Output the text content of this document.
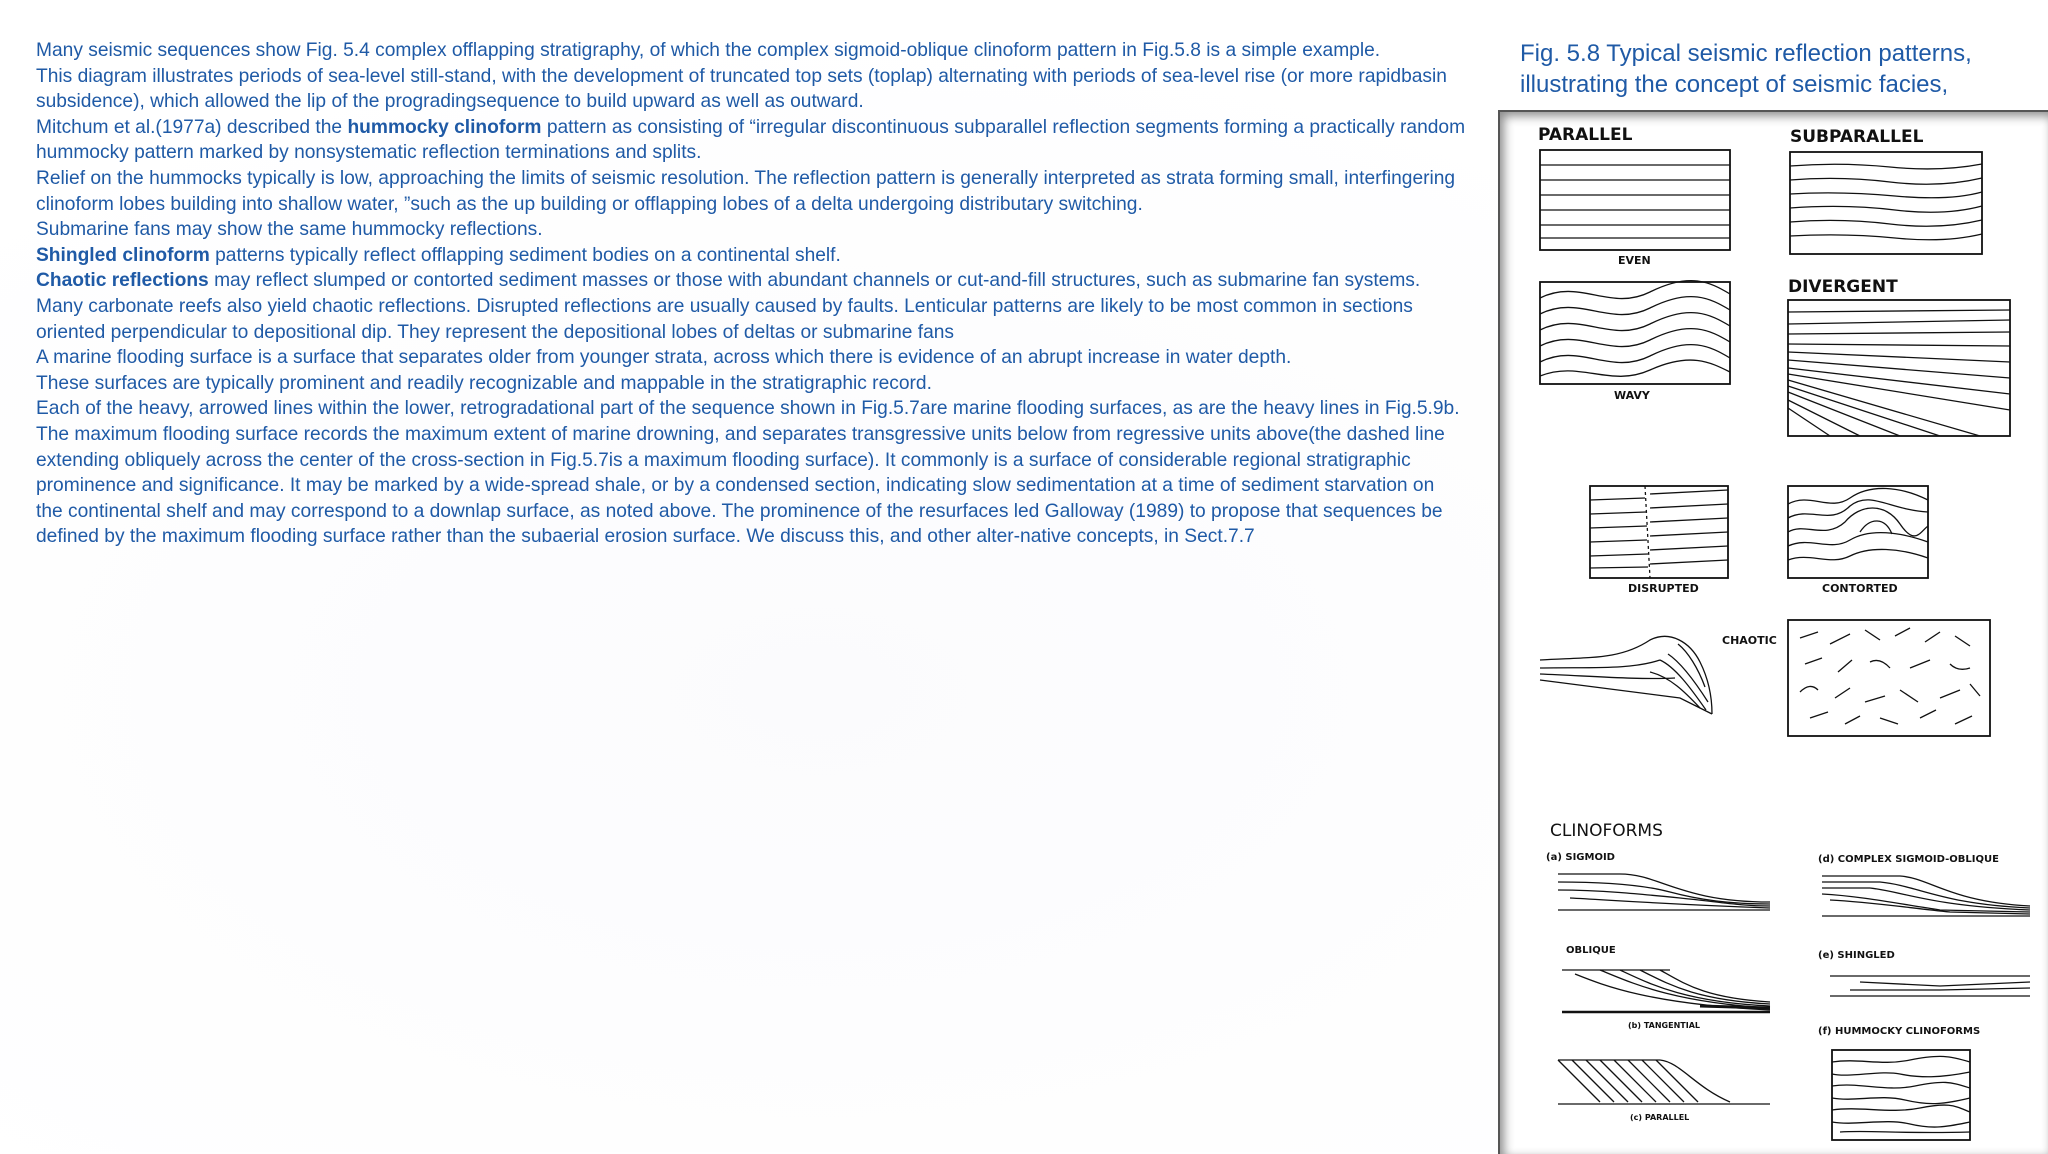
Many seismic sequences show Fig. 5.4 complex offlapping stratigraphy, of which the complex sigmoid-oblique clinoform pattern in Fig.5.8 is a simple example.

This diagram illustrates periods of sea-level still-stand, with the development of truncated top sets (toplap) alternating with periods of sea-level rise (or more rapidbasin subsidence), which allowed the lip of the progradingsequence to build upward as well as outward.

Mitchum et al.(1977a) described the hummocky clinoform pattern as consisting of “irregular discontinuous subparallel reflection segments forming a practically random hummocky pattern marked by nonsystematic reflection terminations and splits.

Relief on the hummocks typically is low, approaching the limits of seismic resolution. The reflection pattern is generally interpreted as strata forming small, interfingering clinoform lobes building into shallow water, ”such as the up building or offlapping lobes of a delta undergoing distributary switching.

Submarine fans may show the same hummocky reflections.

Shingled clinoform patterns typically reflect offlapping sediment bodies on a continental shelf.

Chaotic reflections may reflect slumped or contorted sediment masses or those with abundant channels or cut-and-fill structures, such as submarine fan systems. Many carbonate reefs also yield chaotic reflections. Disrupted reflections are usually caused by faults. Lenticular patterns are likely to be most common in sections oriented perpendicular to depositional dip. They represent the depositional lobes of deltas or submarine fans

A marine flooding surface is a surface that separates older from younger strata, across which there is evidence of an abrupt increase in water depth.

These surfaces are typically prominent and readily recognizable and mappable in the stratigraphic record.

Each of the heavy, arrowed lines within the lower, retrogradational part of the sequence shown in Fig.5.7are marine flooding surfaces, as are the heavy lines in Fig.5.9b. The maximum flooding surface records the maximum extent of marine drowning, and separates transgressive units below from regressive units above(the dashed line extending obliquely across the center of the cross-section in Fig.5.7is a maximum flooding surface). It commonly is a surface of considerable regional stratigraphic prominence and significance. It may be marked by a wide-spread shale, or by a condensed section, indicating slow sedimentation at a time of sediment starvation on the continental shelf and may correspond to a downlap surface, as noted above. The prominence of the resurfaces led Galloway (1989) to propose that sequences be defined by the maximum flooding surface rather than the subaerial erosion surface. We discuss this, and other alter-native concepts, in Sect.7.7

Fig. 5.8 Typical seismic reflection patterns,
illustrating the concept of seismic facies,
PARALLEL	SUBPARALLEL
EVEN
DIVERGENT
WAVY
DISRUPTED	CONTORTED
CHAOTIC
CLINOFORMS
(a) SIGMOID	(d) COMPLEX SIGMOID-OBLIQUE
OBLIQUE	(e) SHINGLED
(b) TANGENTIAL
(f) HUMMOCKY CLINOFORMS
(c) PARALLEL
